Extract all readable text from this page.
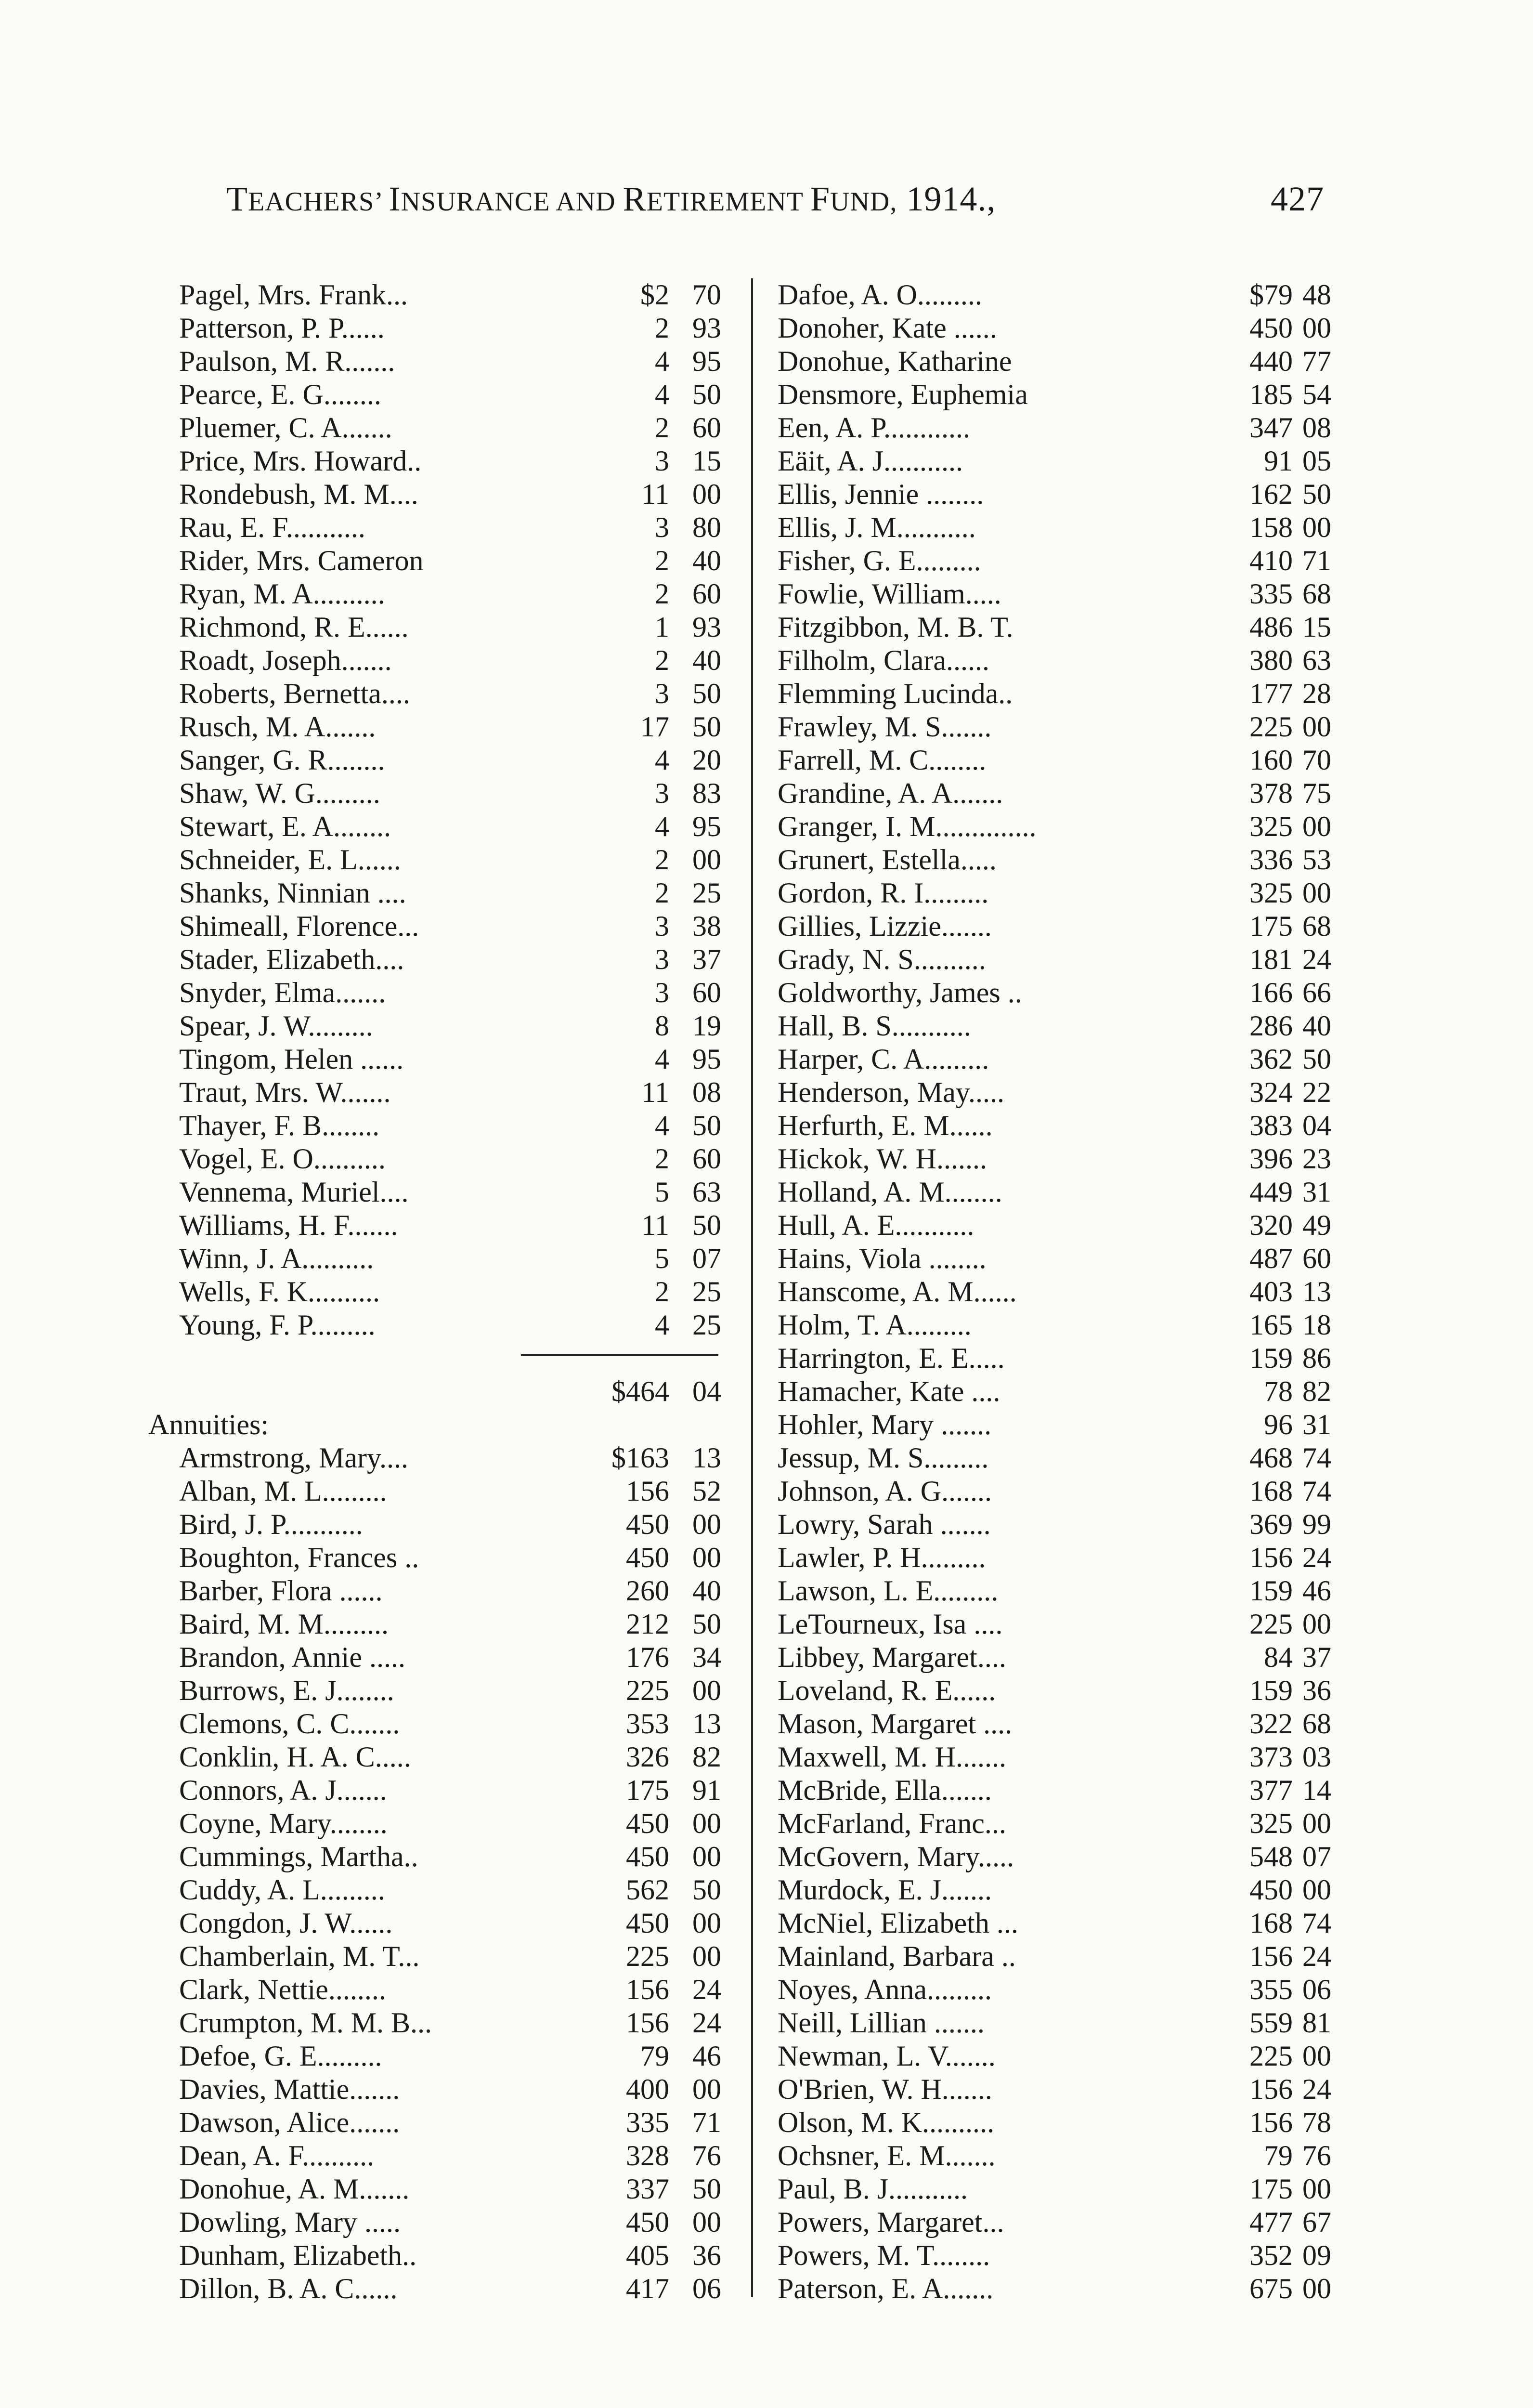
TEACHERS’ INSURANCE AND RETIREMENT FUND, 1914.,	427
Pagel, Mrs. Frank...	$2 70
Patterson, P. P......	2 93
Paulson, M. R.......	4 95
Pearce, E. G........	4 50
Pluemer, C. A.......	2 60
Price, Mrs. Howard..	3 15
Rondebush, M. M....	11 00
Rau, E. F...........	3 80
Rider, Mrs. Cameron	2 40
Ryan, M. A..........	2 60
Richmond, R. E......	1 93
Roadt, Joseph.......	2 40
Roberts, Bernetta....	3 50
Rusch, M. A.......	17 50
Sanger, G. R........	4 20
Shaw, W. G.........	3 83
Stewart, E. A........	4 95
Schneider, E. L......	2 00
Shanks, Ninnian ....	2 25
Shimeall, Florence...	3 38
Stader, Elizabeth....	3 37
Snyder, Elma.......	3 60
Spear, J. W.........	8 19
Tingom, Helen ......	4 95
Traut, Mrs. W.......	11 08
Thayer, F. B........	4 50
Vogel, E. O..........	2 60
Vennema, Muriel....	5 63
Williams, H. F.......	11 50
Winn, J. A..........	5 07
Wells, F. K..........	2 25
Young, F. P.........	4 25
$464 04
Annuities:
Armstrong, Mary....	$163 13
Alban, M. L.........	156 52
Bird, J. P...........	450 00
Boughton, Frances ..	450 00
Barber, Flora ......	260 40
Baird, M. M.........	212 50
Brandon, Annie .....	176 34
Burrows, E. J........	225 00
Clemons, C. C.......	353 13
Conklin, H. A. C.....	326 82
Connors, A. J.......	175 91
Coyne, Mary........	450 00
Cummings, Martha..	450 00
Cuddy, A. L.........	562 50
Congdon, J. W......	450 00
Chamberlain, M. T...	225 00
Clark, Nettie........	156 24
Crumpton, M. M. B...	156 24
Defoe, G. E.........	79 46
Davies, Mattie.......	400 00
Dawson, Alice.......	335 71
Dean, A. F..........	328 76
Donohue, A. M.......	337 50
Dowling, Mary .....	450 00
Dunham, Elizabeth..	405 36
Dillon, B. A. C......	417 06
Dafoe, A. O.........	$79 48
Donoher, Kate ......	450 00
Donohue, Katharine	440 77
Densmore, Euphemia	185 54
Een, A. P............	347 08
Eäit, A. J...........	91 05
Ellis, Jennie ........	162 50
Ellis, J. M...........	158 00
Fisher, G. E.........	410 71
Fowlie, William.....	335 68
Fitzgibbon, M. B. T.	486 15
Filholm, Clara......	380 63
Flemming Lucinda..	177 28
Frawley, M. S.......	225 00
Farrell, M. C........	160 70
Grandine, A. A.......	378 75
Granger, I. M..............	325 00
Grunert, Estella.....	336 53
Gordon, R. I.........	325 00
Gillies, Lizzie.......	175 68
Grady, N. S..........	181 24
Goldworthy, James ..	166 66
Hall, B. S...........	286 40
Harper, C. A.........	362 50
Henderson, May.....	324 22
Herfurth, E. M......	383 04
Hickok, W. H.......	396 23
Holland, A. M........	449 31
Hull, A. E...........	320 49
Hains, Viola ........	487 60
Hanscome, A. M......	403 13
Holm, T. A.........	165 18
Harrington, E. E.....	159 86
Hamacher, Kate ....	78 82
Hohler, Mary .......	96 31
Jessup, M. S.........	468 74
Johnson, A. G.......	168 74
Lowry, Sarah .......	369 99
Lawler, P. H.........	156 24
Lawson, L. E.........	159 46
LeTourneux, Isa ....	225 00
Libbey, Margaret....	84 37
Loveland, R. E......	159 36
Mason, Margaret ....	322 68
Maxwell, M. H.......	373 03
McBride, Ella.......	377 14
McFarland, Franc...	325 00
McGovern, Mary.....	548 07
Murdock, E. J.......	450 00
McNiel, Elizabeth ...	168 74
Mainland, Barbara ..	156 24
Noyes, Anna.........	355 06
Neill, Lillian .......	559 81
Newman, L. V.......	225 00
O'Brien, W. H.......	156 24
Olson, M. K..........	156 78
Ochsner, E. M.......	79 76
Paul, B. J...........	175 00
Powers, Margaret...	477 67
Powers, M. T........	352 09
Paterson, E. A.......	675 00
